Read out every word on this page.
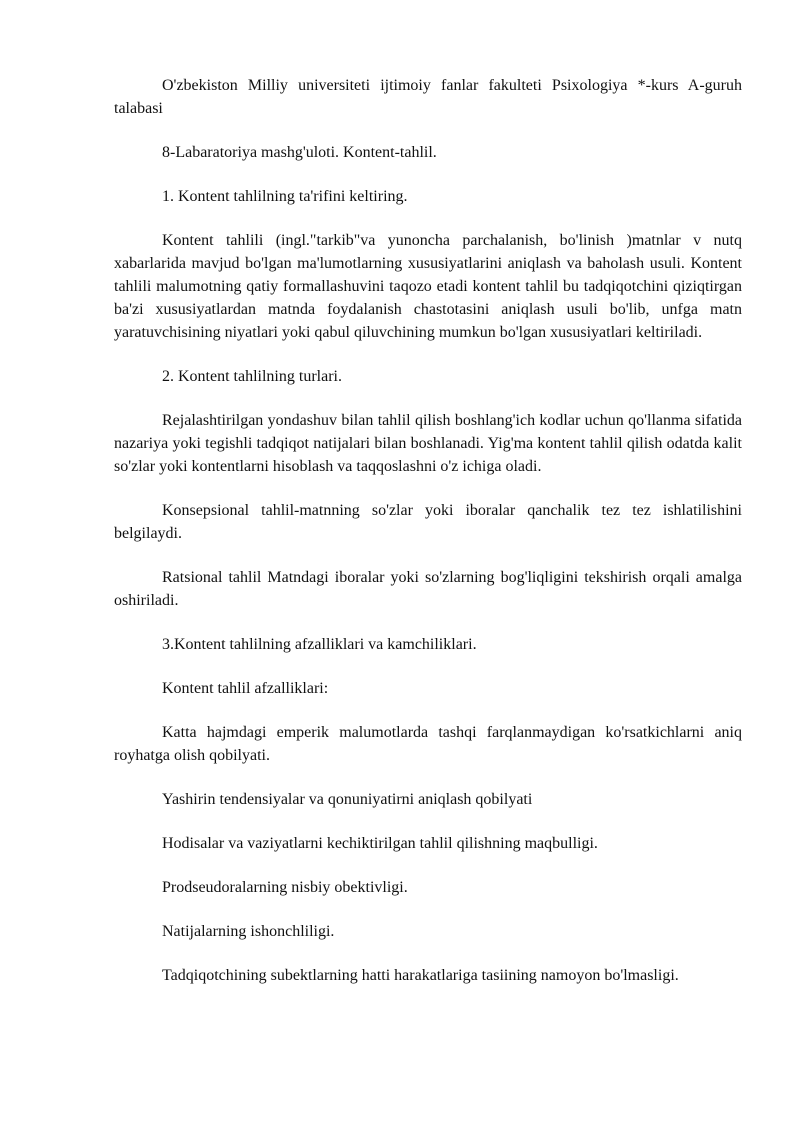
O'zbekiston Milliy universiteti ijtimoiy fanlar fakulteti Psixologiya *-kurs A-guruh talabasi

8-Labaratoriya mashg'uloti. Kontent-tahlil.

1. Kontent tahlilning ta'rifini keltiring.

Kontent tahlili (ingl."tarkib"va yunoncha parchalanish, bo'linish )matnlar v nutq xabarlarida mavjud bo'lgan ma'lumotlarning xususiyatlarini aniqlash va baholash usuli. Kontent tahlili malumotning qatiy formallashuvini taqozo etadi kontent tahlil bu tadqiqotchini qiziqtirgan ba'zi xususiyatlardan matnda foydalanish chastotasini aniqlash usuli bo'lib, unfga matn yaratuvchisining niyatlari yoki qabul qiluvchining mumkun bo'lgan xususiyatlari keltiriladi.

2. Kontent tahlilning turlari.

Rejalashtirilgan yondashuv bilan tahlil qilish boshlang'ich kodlar uchun qo'llanma sifatida nazariya yoki tegishli tadqiqot natijalari bilan boshlanadi. Yig'ma kontent tahlil qilish odatda kalit so'zlar yoki kontentlarni hisoblash va taqqoslashni o'z ichiga oladi.

Konsepsional tahlil-matnning so'zlar yoki iboralar qanchalik tez tez ishlatilishini belgilaydi.

Ratsional tahlil Matndagi iboralar yoki so'zlarning bog'liqligini tekshirish orqali amalga oshiriladi.

3.Kontent tahlilning afzalliklari va kamchiliklari.

Kontent tahlil afzalliklari:

Katta hajmdagi emperik malumotlarda tashqi farqlanmaydigan ko'rsatkichlarni aniq royhatga olish qobilyati.

Yashirin tendensiyalar va qonuniyatirni aniqlash qobilyati

Hodisalar va vaziyatlarni kechiktirilgan tahlil qilishning maqbulligi.

Prodseudoralarning nisbiy obektivligi.

Natijalarning ishonchliligi.

Tadqiqotchining subektlarning hatti harakatlariga tasiining namoyon bo'lmasligi.
